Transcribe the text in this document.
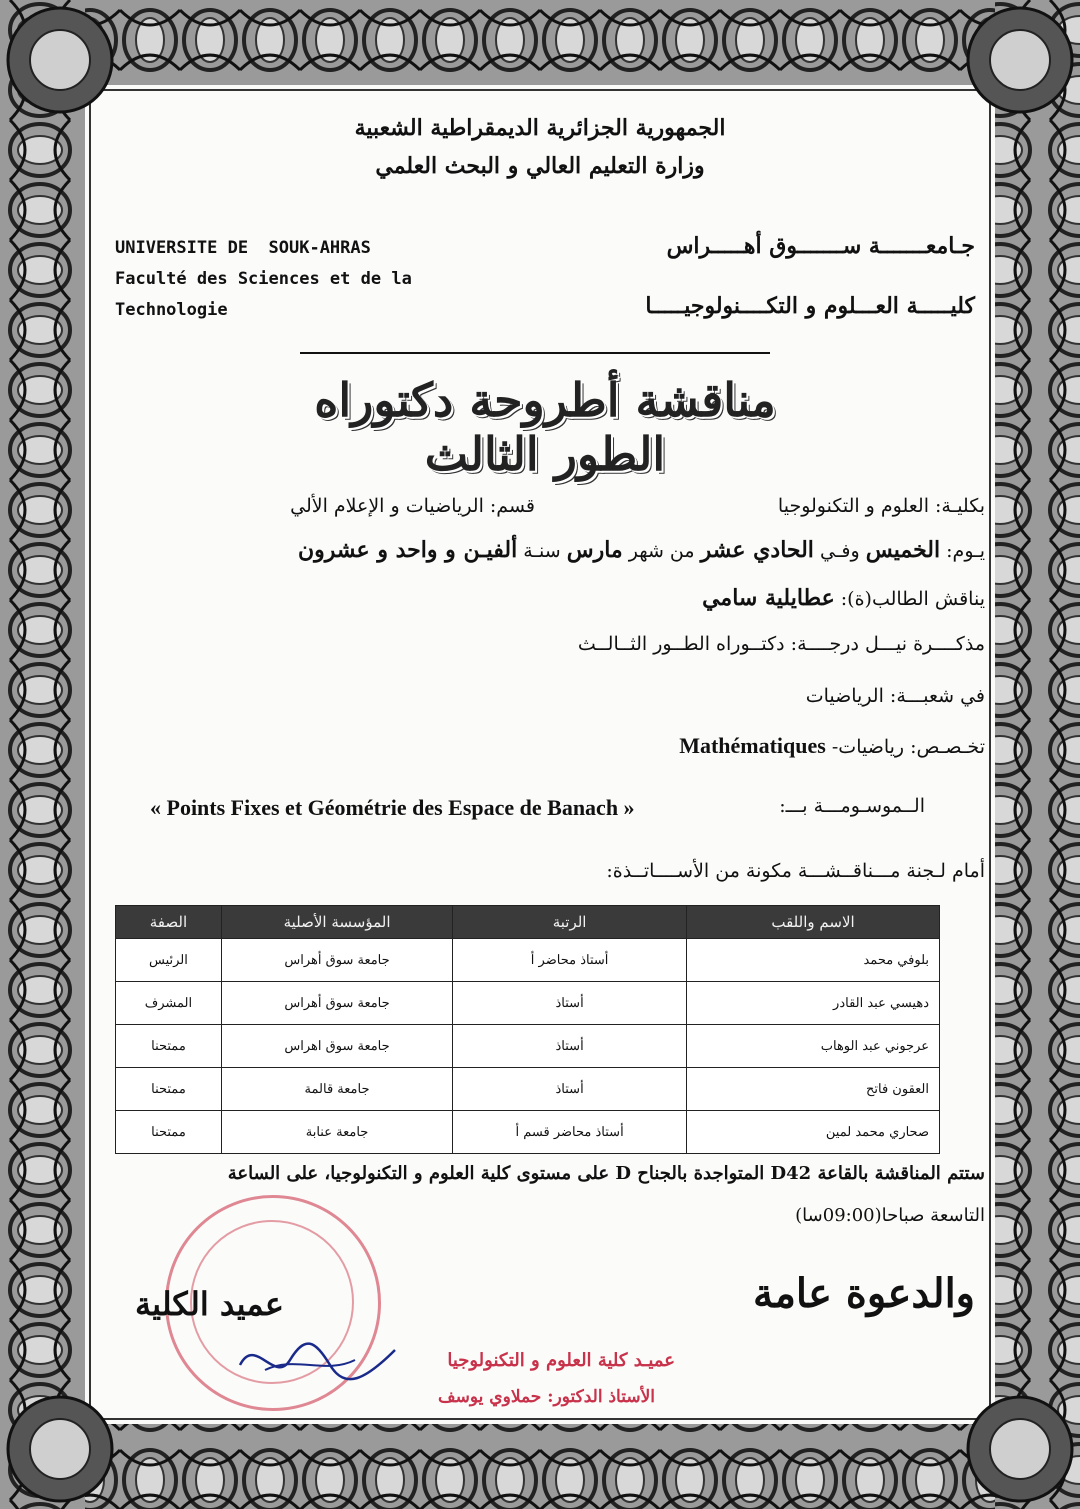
الجمهورية الجزائرية الديمقراطية الشعبية
وزارة التعليم العالي و البحث العلمي
UNIVERSITE DE  SOUK-AHRAS
Faculté des Sciences et de la
Technologie
جـامعـــــــة ســـــــوق أهـــــراس
كليـــــة العـــلوم و التكــــنولوجيـــــا
مناقشة أطروحة دكتوراه الطور الثالث
بكليـة: العلوم و التكنولوجيا
قسم: الرياضيات و الإعلام الألي
يـوم: الخميس وفـي الحادي عشر من شهر مارس سنـة ألفيـن و واحد و عشرون
يناقش الطالب(ة): عطايلية سامي
مذكــــرة نيـــل درجــــة: دكتــوراه الطــور الثــالــث
في شعبـــة: الرياضيات
تخـصـص: رياضيات- Mathématiques
الــموسـومـــة بـــ:
« Points Fixes et Géométrie des Espace de Banach »
أمام لـجنة مـــناقــشـــة مكونة من الأســــاتــذة:
الاسم واللقب	الرتبة	المؤسسة الأصلية	الصفة
بلوفي محمد	أستاذ محاضر أ	جامعة سوق أهراس	الرئيس
دهيسي عبد القادر	أستاذ	جامعة سوق أهراس	المشرف
عرجوني عبد الوهاب	أستاذ	جامعة سوق اهراس	ممتحنا
العقون فاتح	أستاذ	جامعة قالمة	ممتحنا
صحاري محمد لمين	أستاذ محاضر قسم أ	جامعة عنابة	ممتحنا
ستتم المناقشة بالقاعة D42 المتواجدة بالجناح D على مستوى كلية العلوم و التكنولوجيا، على الساعة
التاسعة صباحا(09:00سا)
والدعوة عامة
عميد الكلية
عميـد كلية العلوم و التكنولوجيا
الأستاذ الدكتور: حملاوي يوسف
